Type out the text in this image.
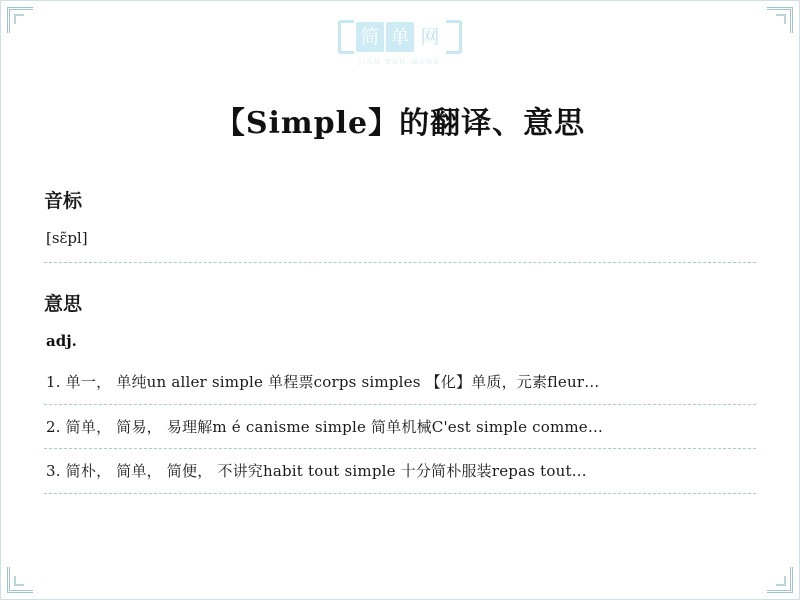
简 单 网
JIAN DAN WANG
【Simple】的翻译、意思
音标
[sɛ̃pl]
意思
adj.
1. 单一， 单纯un aller simple 单程票corps simples 【化】单质，元素fleur…
2. 简单， 简易， 易理解m é canisme simple 简单机械C'est simple comme…
3. 简朴， 简单， 简便， 不讲究habit tout simple 十分简朴服装repas tout…
